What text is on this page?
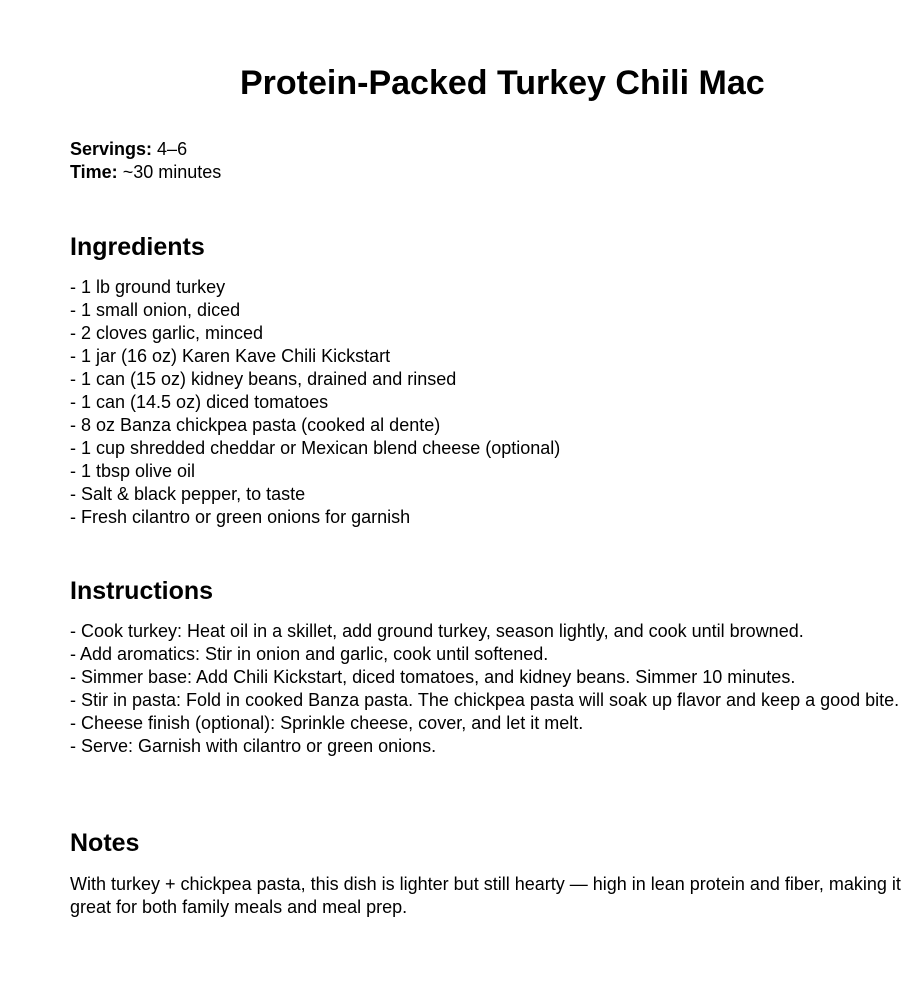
Protein-Packed Turkey Chili Mac
Servings: 4–6
Time: ~30 minutes
Ingredients
- 1 lb ground turkey
- 1 small onion, diced
- 2 cloves garlic, minced
- 1 jar (16 oz) Karen Kave Chili Kickstart
- 1 can (15 oz) kidney beans, drained and rinsed
- 1 can (14.5 oz) diced tomatoes
- 8 oz Banza chickpea pasta (cooked al dente)
- 1 cup shredded cheddar or Mexican blend cheese (optional)
- 1 tbsp olive oil
- Salt & black pepper, to taste
- Fresh cilantro or green onions for garnish
Instructions
- Cook turkey: Heat oil in a skillet, add ground turkey, season lightly, and cook until browned.
- Add aromatics: Stir in onion and garlic, cook until softened.
- Simmer base: Add Chili Kickstart, diced tomatoes, and kidney beans. Simmer 10 minutes.
- Stir in pasta: Fold in cooked Banza pasta. The chickpea pasta will soak up flavor and keep a good bite.
- Cheese finish (optional): Sprinkle cheese, cover, and let it melt.
- Serve: Garnish with cilantro or green onions.
Notes

With turkey + chickpea pasta, this dish is lighter but still hearty — high in lean protein and fiber, making it great for both family meals and meal prep.
